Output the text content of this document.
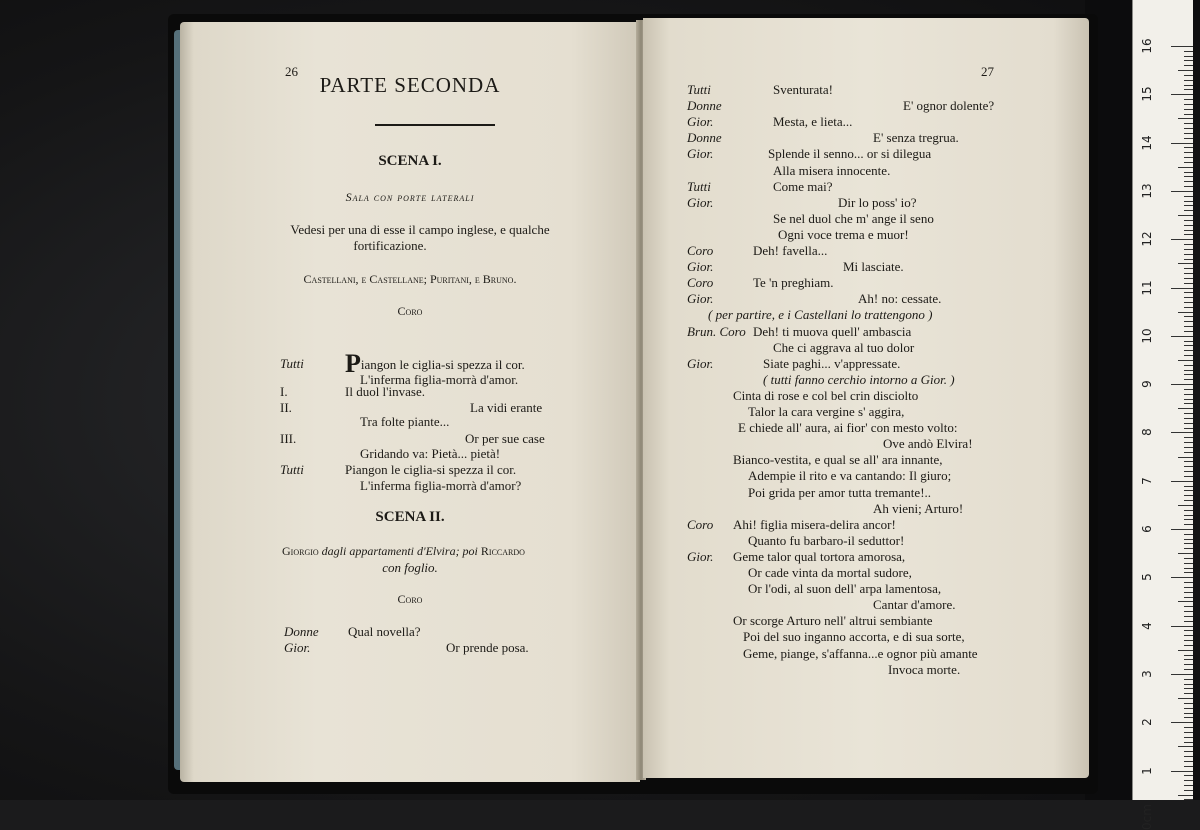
26
PARTE SECONDA
SCENA I.
Sala con porte laterali
Vedesi per una di esse il campo inglese, e qualche
fortificazione.
Castellani, e Castellane; Puritani, e Bruno.
Coro
Tutti Piangon le ciglia-si spezza il cor.
L'inferma figlia-morrà d'amor.
I.	Il duol l'invase.
II.	La vidi erante
Tra folte piante...
III.	Or per sue case
Gridando va: Pietà... pietà!
Tutti	Piangon le ciglia-si spezza il cor.
L'inferma figlia-morrà d'amor?
SCENA II.
Giorgio dagli appartamenti d'Elvira; poi Riccardo
con foglio.
Coro
Donne Qual novella?
Gior.	Or prende posa.
27
Tutti	Sventurata!
Donne	E' ognor dolente?
Gior.	Mesta, e lieta...
Donne	E' senza tregrua.
Gior.	Splende il senno... or si dilegua
Alla misera innocente.
Tutti	Come mai?
Gior.	Dir lo poss' io?
Se nel duol che m' ange il seno
Ogni voce trema e muor!
Coro	Deh! favella...
Gior.	Mi lasciate.
Coro	Te 'n preghiam.
Gior.	Ah! no: cessate.
( per partire, e i Castellani lo trattengono )
Brun. Coro Deh! ti muova quell' ambascia
Che ci aggrava al tuo dolor
Gior.	Siate paghi... v'appressate.
( tutti fanno cerchio intorno a Gior. )
Cinta di rose e col bel crin disciolto
Talor la cara vergine s' aggira,
E chiede all' aura, ai fior' con mesto volto:
Ove andò Elvira!
Bianco-vestita, e qual se all' ara innante,
Adempie il rito e va cantando: Il giuro;
Poi grida per amor tutta tremante!..
Ah vieni; Arturo!
Coro Ahi! figlia misera-delira ancor!
Quanto fu barbaro-il seduttor!
Gior. Geme talor qual tortora amorosa,
Or cade vinta da mortal sudore,
Or l'odi, al suon dell' arpa lamentosa,
Cantar d'amore.
Or scorge Arturo nell' altrui sembiante
Poi del suo inganno accorta, e di sua sorte,
Geme, piange, s'affanna...e ognor più amante
Invoca morte.
16
15
14
13
12
11
10
9
8
7
6
5
4
3
2
1
0cm
